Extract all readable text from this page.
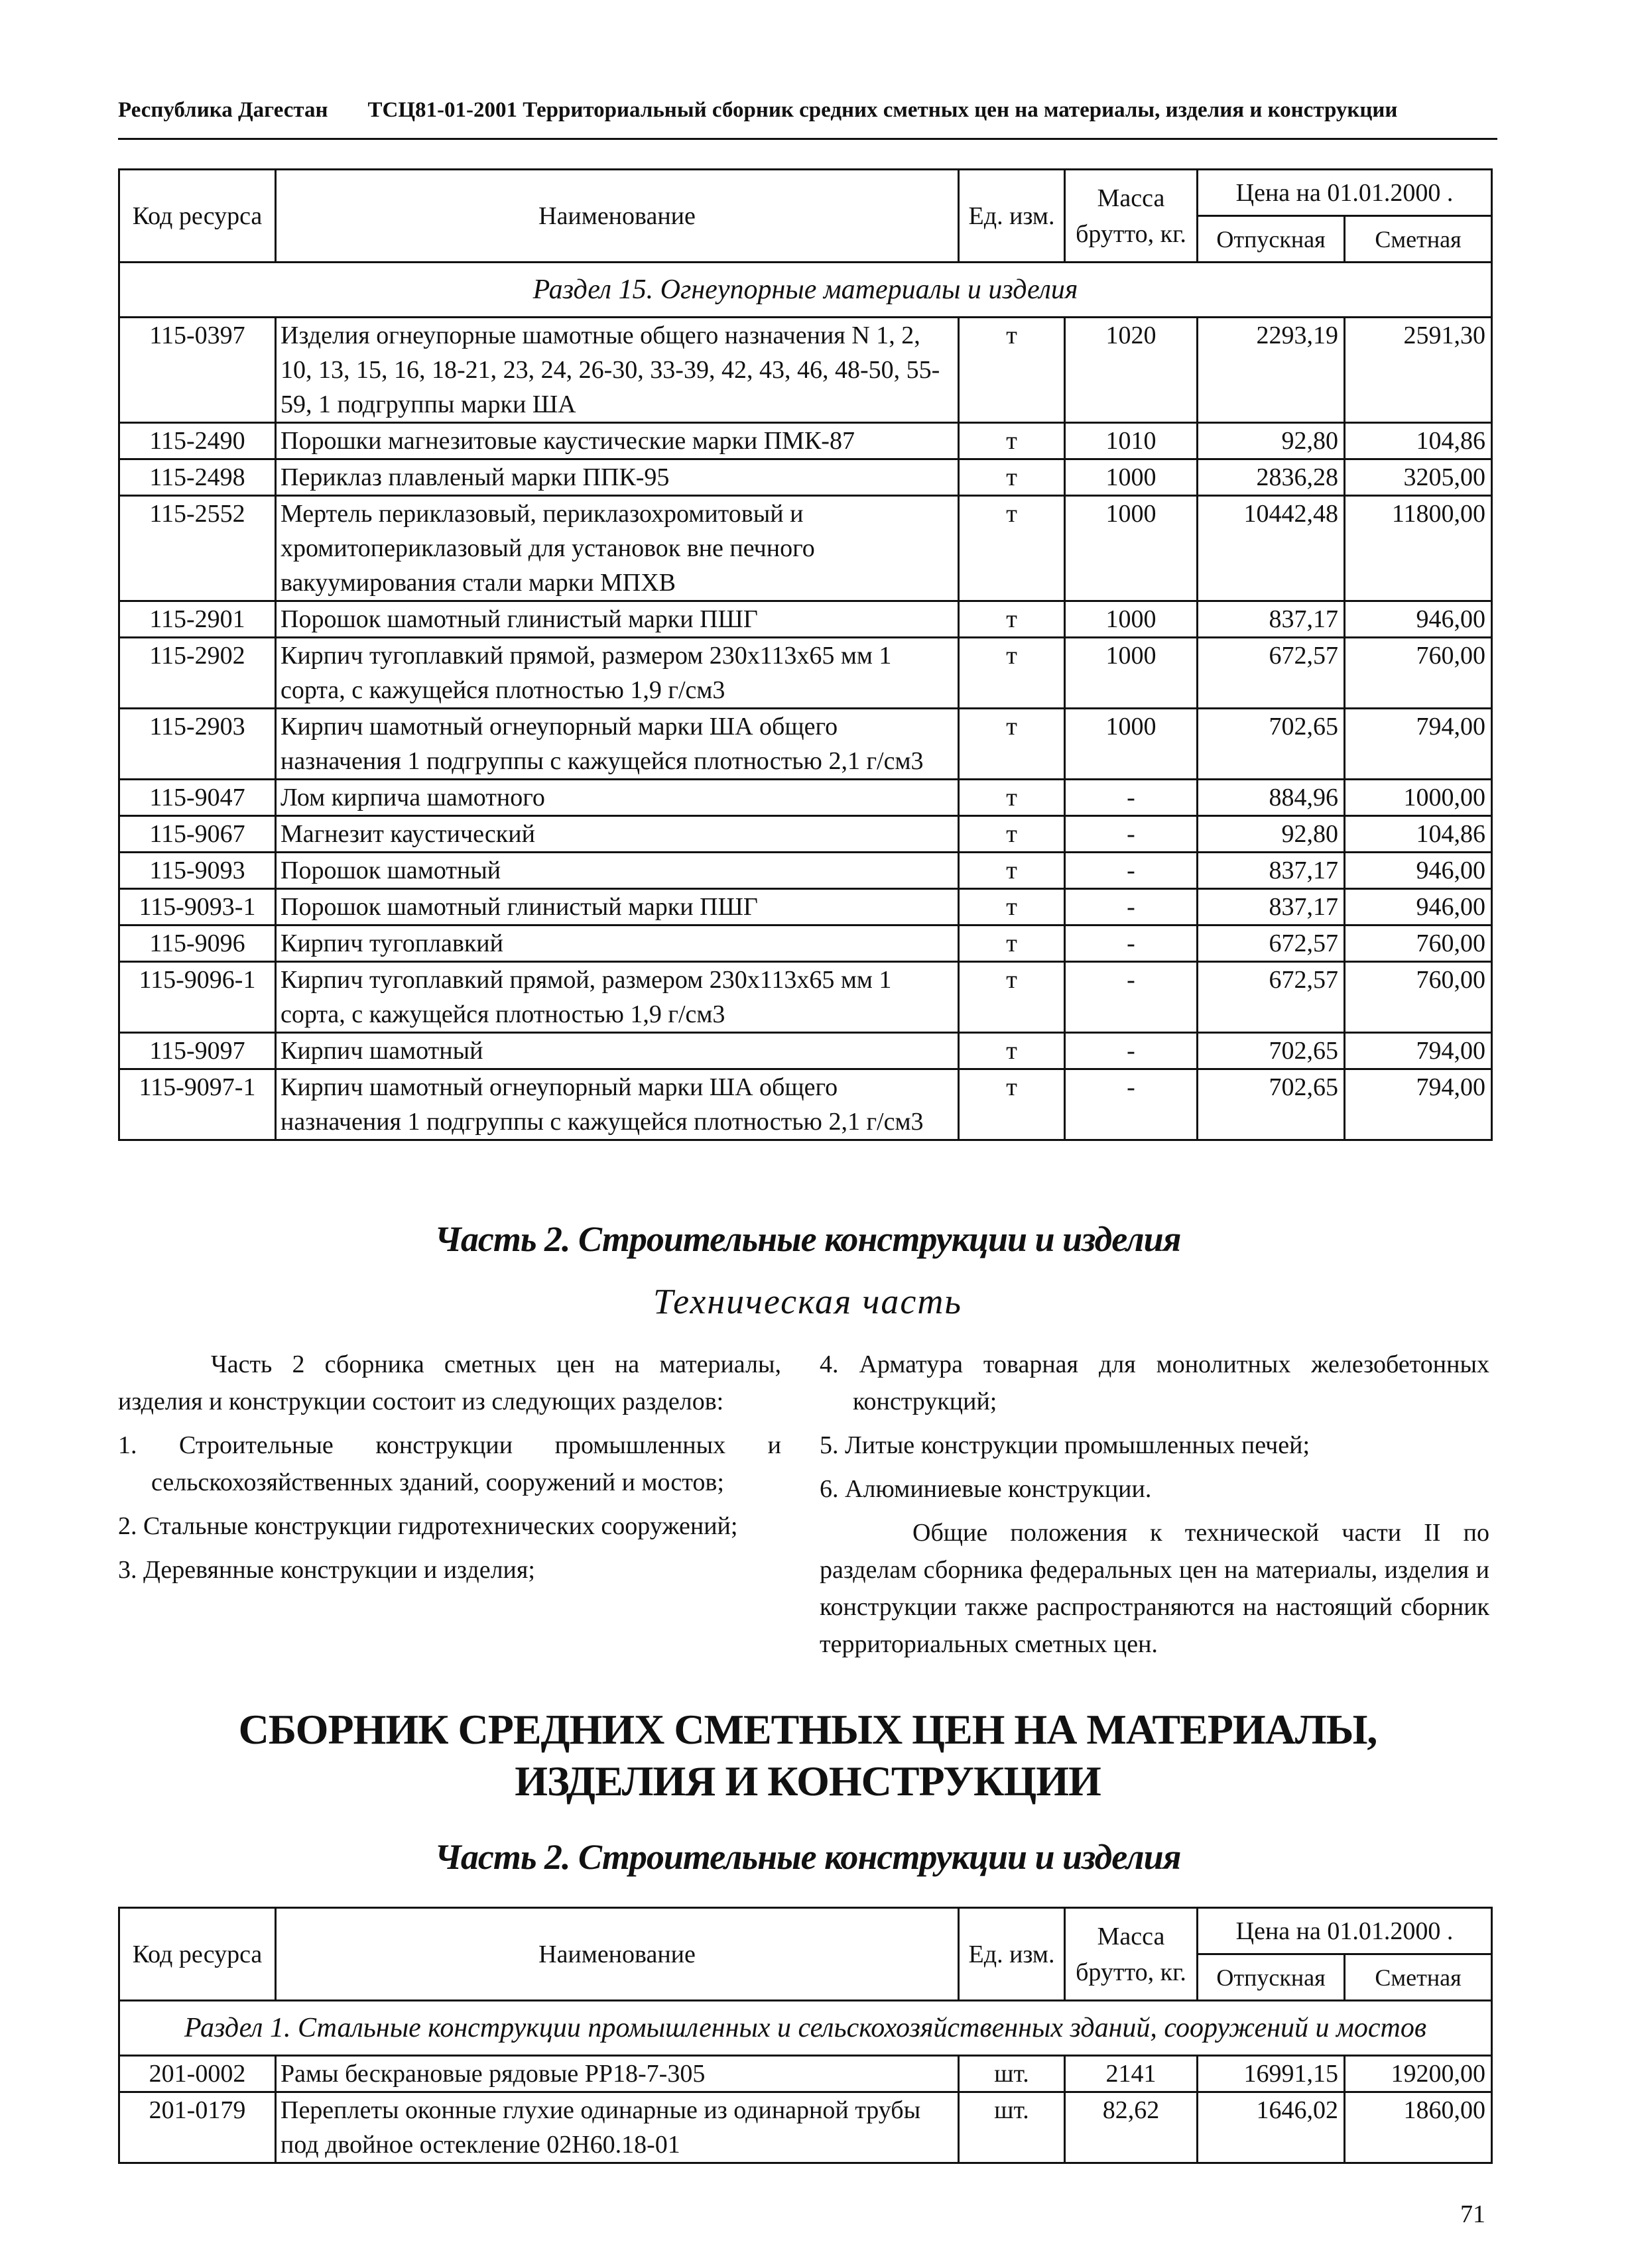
Республика Дагестан ТСЦ81-01-2001 Территориальный сборник средних сметных цен на материалы, изделия и конструкции
Код ресурса	Наименование	Ед. изм.	Масса брутто, кг.	Цена на 01.01.2000 .	
				Отпускная	Сметная
Раздел 15. Огнеупорные материалы и изделия					
115-0397	Изделия огнеупорные шамотные общего назначения N 1, 2, 10, 13, 15, 16, 18-21, 23, 24, 26-30, 33-39, 42, 43, 46, 48-50, 55-59, 1 подгруппы марки ША	т	1020	2293,19	2591,30
115-2490	Порошки магнезитовые каустические марки ПМК-87	т	1010	92,80	104,86
115-2498	Периклаз плавленый марки ППК-95	т	1000	2836,28	3205,00
115-2552	Мертель периклазовый, периклазохромитовый и хромитопериклазовый для установок вне печного вакуумирования стали марки МПХВ	т	1000	10442,48	11800,00
115-2901	Порошок шамотный глинистый марки ПШГ	т	1000	837,17	946,00
115-2902	Кирпич тугоплавкий прямой, размером 230x113x65 мм 1 сорта, с кажущейся плотностью 1,9 г/см3	т	1000	672,57	760,00
115-2903	Кирпич шамотный огнеупорный марки ША общего назначения 1 подгруппы с кажущейся плотностью 2,1 г/см3	т	1000	702,65	794,00
115-9047	Лом кирпича шамотного	т	-	884,96	1000,00
115-9067	Магнезит каустический	т	-	92,80	104,86
115-9093	Порошок шамотный	т	-	837,17	946,00
115-9093-1	Порошок шамотный глинистый марки ПШГ	т	-	837,17	946,00
115-9096	Кирпич тугоплавкий	т	-	672,57	760,00
115-9096-1	Кирпич тугоплавкий прямой, размером 230x113x65 мм 1 сорта, с кажущейся плотностью 1,9 г/см3	т	-	672,57	760,00
115-9097	Кирпич шамотный	т	-	702,65	794,00
115-9097-1	Кирпич шамотный огнеупорный марки ША общего назначения 1 подгруппы с кажущейся плотностью 2,1 г/см3	т	-	702,65	794,00
Часть 2. Строительные конструкции и изделия
Техническая часть

Часть 2 сборника сметных цен на материалы, изделия и конструкции состоит из следующих разделов:

1. Строительные конструкции промышленных и сельскохозяйственных зданий, сооружений и мостов;

2. Стальные конструкции гидротехнических сооружений;

3. Деревянные конструкции и изделия;

4. Арматура товарная для монолитных железобетонных конструкций;

5. Литые конструкции промышленных печей;

6. Алюминиевые конструкции.

Общие положения к технической части II по разделам сборника федеральных цен на материалы, изделия и конструкции также распространяются на настоящий сборник территориальных сметных цен.

СБОРНИК СРЕДНИХ СМЕТНЫХ ЦЕН НА МАТЕРИАЛЫ,
ИЗДЕЛИЯ И КОНСТРУКЦИИ
Часть 2. Строительные конструкции и изделия
Код ресурса	Наименование	Ед. изм.	Масса брутто, кг.	Цена на 01.01.2000 .	
				Отпускная	Сметная
Раздел 1. Стальные конструкции промышленных и сельскохозяйственных зданий, сооружений и мостов					
201-0002	Рамы бескрановые рядовые РР18-7-305	шт.	2141	16991,15	19200,00
201-0179	Переплеты оконные глухие одинарные из одинарной трубы под двойное остекление 02Н60.18-01	шт.	82,62	1646,02	1860,00
71
